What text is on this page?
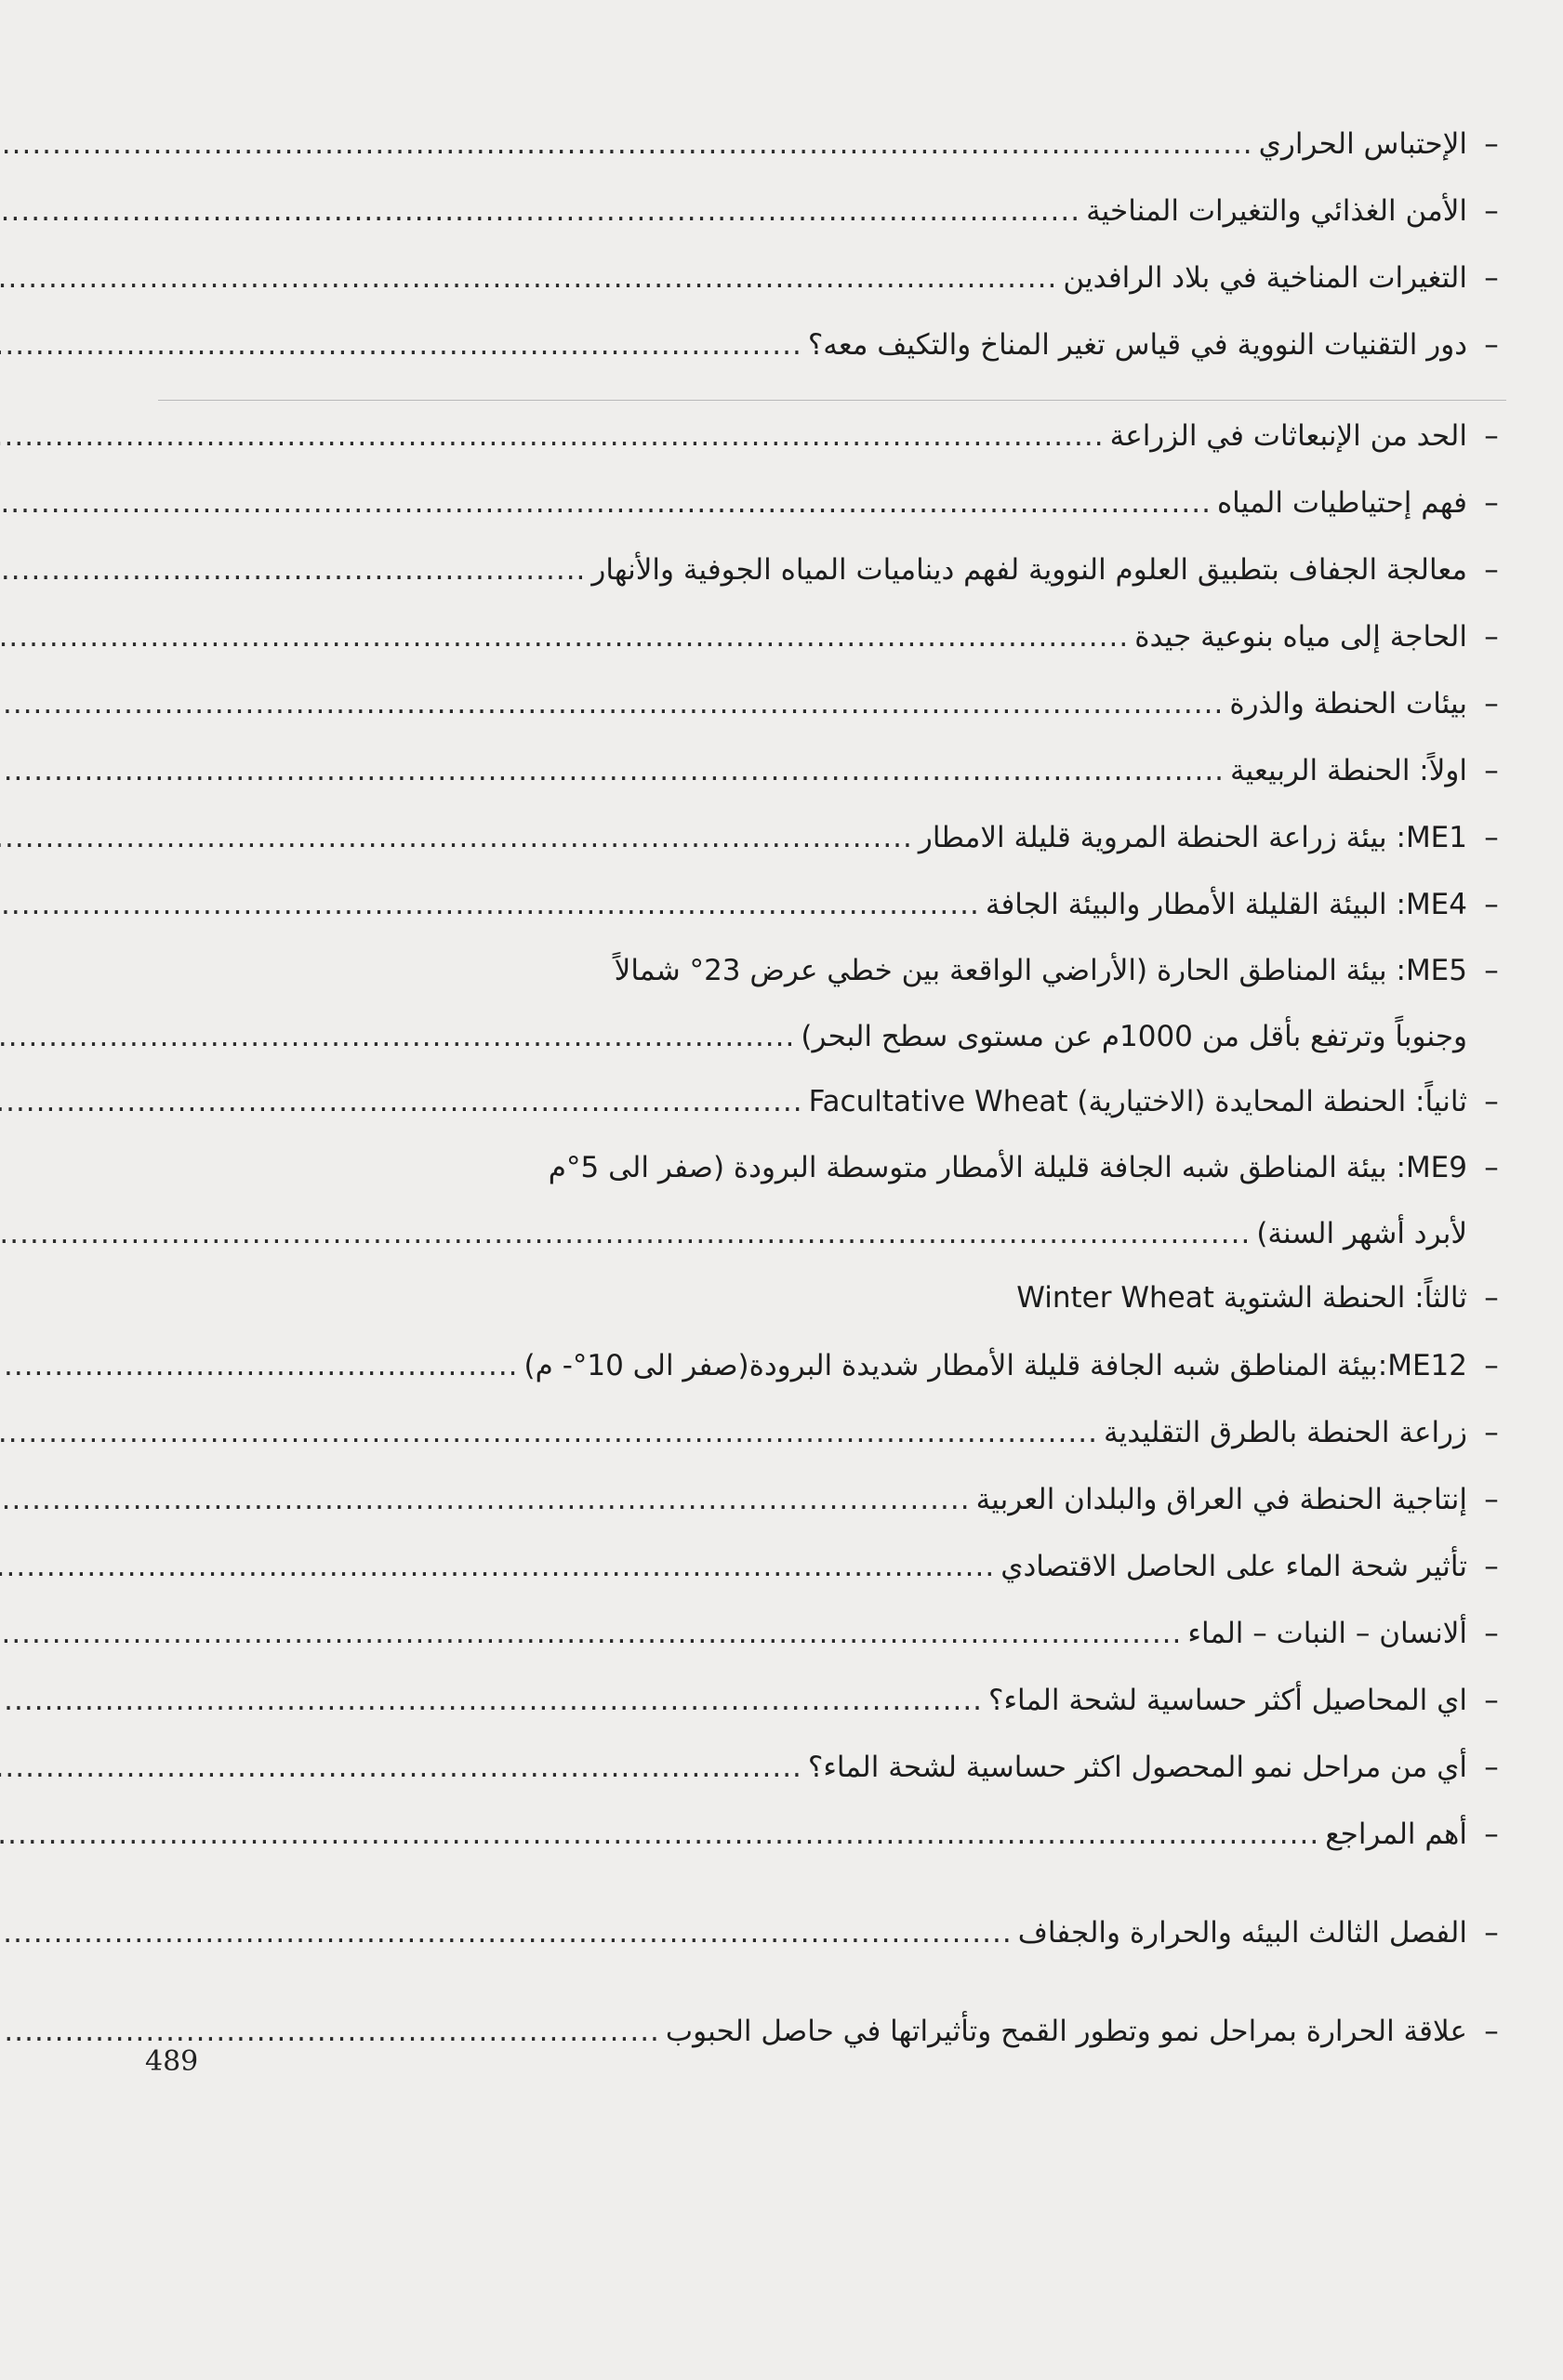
–
الإحتباس الحراري
.....
–
الأمن الغذائي والتغيرات المناخية
.....
–
التغيرات المناخية في بلاد الرافدين
.....
–
دور التقنيات النووية في قياس تغير المناخ والتكيف معه؟
.....
–
الحد من الإنبعاثات في الزراعة
.....
–
فهم إحتياطيات المياه
.....
–
معالجة الجفاف بتطبيق العلوم النووية لفهم ديناميات المياه الجوفية والأنهار
.....
–
الحاجة إلى مياه بنوعية جيدة
.....
–
بيئات الحنطة والذرة
.....
–
اولاً: الحنطة الربيعية
.....
–
ME1: بيئة زراعة الحنطة المروية قليلة الامطار
.....
–
ME4: البيئة القليلة الأمطار والبيئة الجافة
.....
–
ME5: بيئة المناطق الحارة (الأراضي الواقعة بين خطي عرض 23° شمالاً
وجنوباً وترتفع بأقل من 1000م عن مستوى سطح البحر)
.....
–
ثانياً: الحنطة المحايدة (الاختيارية) Facultative Wheat
.....
–
ME9: بيئة المناطق شبه الجافة قليلة الأمطار متوسطة البرودة (صفر الى 5°م
لأبرد أشهر السنة)
.....
–
ثالثاً: الحنطة الشتوية Winter Wheat
–
ME12:بيئة المناطق شبه الجافة قليلة الأمطار شديدة البرودة(صفر الى 10°- م)
.....
–
زراعة الحنطة بالطرق التقليدية
.....
–
إنتاجية الحنطة في العراق والبلدان العربية
.....
–
تأثير شحة الماء على الحاصل الاقتصادي
.....
–
ألانسان – النبات – الماء
.....
–
اي المحاصيل أكثر حساسية لشحة الماء؟
.....
–
أي من مراحل نمو المحصول اكثر حساسية لشحة الماء؟
.....
–
أهم المراجع
.....
–
الفصل الثالث البيئه والحرارة والجفاف
.....
–
علاقة الحرارة بمراحل نمو وتطور القمح وتأثيراتها في حاصل الحبوب
.....
489
